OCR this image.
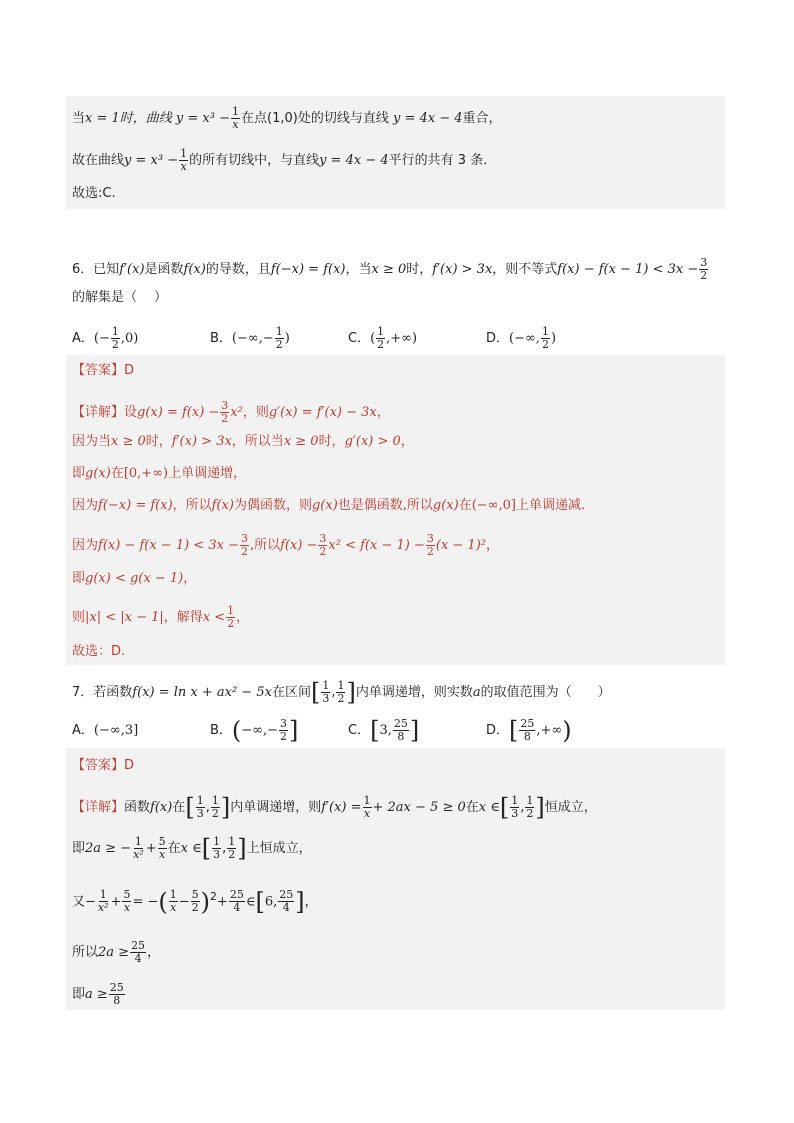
当x = 1时，曲线 $y = x^3 - \frac{1}{x}$ 在点(1,0)处的切线与直线 y = 4x − 4重合，
故在曲线$y = x^3 - \frac{1}{x}$ 的所有切线中，与直线y = 4x − 4平行的共有 3 条．
故选:C.
6．已知f′(x)是函数f(x)的导数，且f(−x) = f(x)，当x ≥ 0时，f′(x) > 3x，则不等式$f(x) - f(x - 1) < 3x - \frac{3}{2}$
的解集是（　 ）
A．(− $\frac{1}{2} ,0$)	B．(−∞,− $\frac{1}{2}$ )	C．( $\frac{1}{2}$ ,+∞)	D．(−∞, $\frac{1}{2}$ )
【答案】D
【详解】设$g(x) = f(x) - \frac{3}{2} x^2$，则g′(x) = f′(x) − 3x，
因为当x ≥ 0时，f′(x) > 3x，所以当x ≥ 0时，g′(x) > 0，
即g(x)在[0,+∞)上单调递增，
因为f(−x) = f(x)，所以f(x)为偶函数，则g(x)也是偶函数,所以g(x)在(−∞,0]上单调递减.
因为$f(x) - f(x - 1) < 3x - \frac{3}{2}$ ,所以$f(x) - \frac{3}{2} x^2 < f(x - 1) - \frac{3}{2} (x - 1)^2$，
即g(x) < g(x − 1)，
则|x| < |x − 1|，解得$x < \frac{1}{2}$ ，
故选：D.
7．若函数f(x) = ln x + ax² − 5x在区间[ $\frac{1}{3}$ , $\frac{1}{2}$ ]内单调递增，则实数a的取值范围为（　　）
A．(−∞,3]	B．(−∞,− $\frac{3}{2}$ ]	C．[3, $\frac{25}{8}$ ]	D．[ $\frac{25}{8}$ ,+∞)
【答案】D
【详解】函数f(x)在[ $\frac{1}{3}$ , $\frac{1}{2}$ ]内单调递增，则$f'(x) = \frac{1}{x} + 2ax - 5 \ge 0$在x ∈[ $\frac{1}{3}$ , $\frac{1}{2}$ ]恒成立，
即2a ≥ − $\frac{1}{\text{x²}} + \frac{5}{x}$ 在x ∈[ $\frac{1}{3}$ , $\frac{1}{2}$ ]上恒成立，
又− $\frac{1}{\text{x²}} + \frac{5}{x}$ = −( $\frac{1}{x} - \frac{5}{2} )^2+ \frac{25}{4}$ ∈[6, $\frac{25}{4}$ ]，
所以$2a \ge \frac{25}{4}$ ，
即$a \ge \frac{25}{8}$
